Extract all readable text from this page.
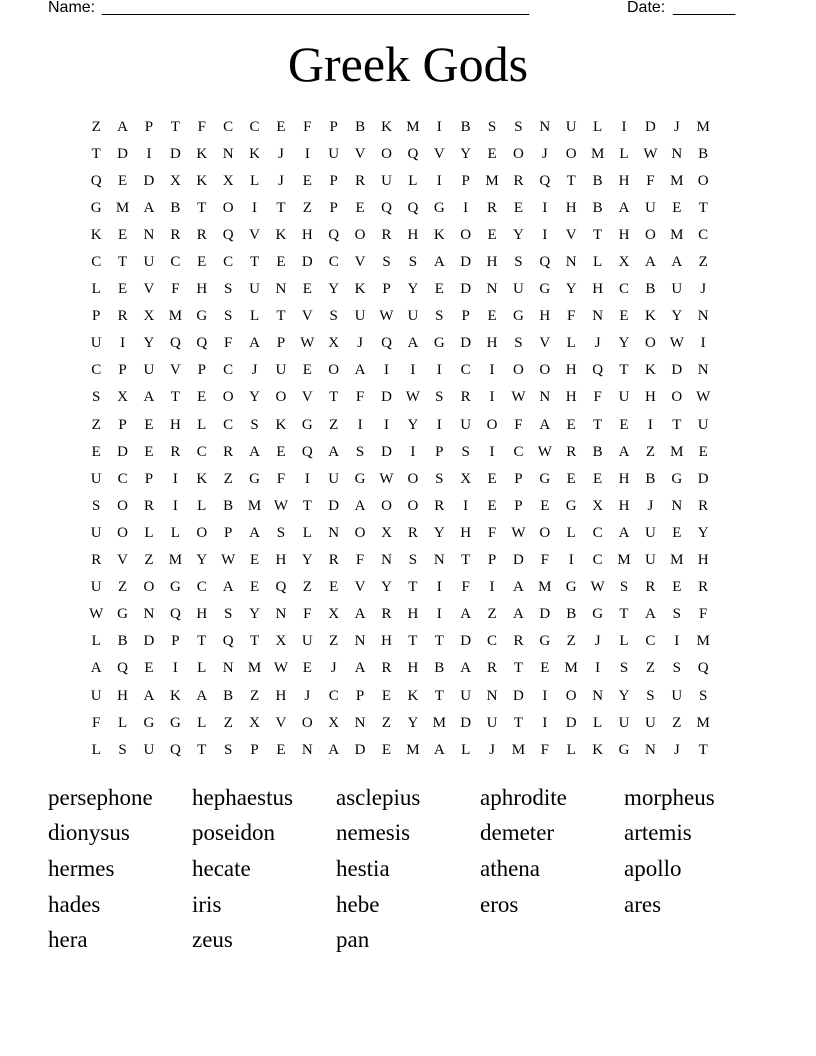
Name: ________________________________________________	Date: _______
Greek Gods
Z	A	P	T	F	C	C	E	F	P	B	K M	I	B	S	S	N	U	L	I	D	J	M
T	D	I	D	K	N	K	J	I	U	V	O	Q	V	Y	E	O	J	O M	L W N	B
Q	E	D	X	K	X	L	J	E	P	R	U	L	I	P	M R	Q	T	B	H	F	M O
G M A	B	T	O	I	T	Z	P	E	Q	Q	G	I	R	E	I	H	B	A	U	E	T
K	E	N	R	R	Q	V	K	H	Q	O	R	H	K	O	E	Y	I	V	T	H	O M C
C	T	U	C	E	C	T	E	D	C	V	S	S	A	D	H	S	Q	N	L	X	A	A	Z
L	E	V	F	H	S	U	N	E	Y	K	P	Y	E	D	N	U	G	Y	H	C	B	U	J
P	R	X M G	S	L	T	V	S	U W U	S	P	E	G	H	F	N	E	K	Y	N
U	I	Y	Q	Q	F	A	P	W X	J	Q	A	G	D	H	S	V	L	J	Y	O W	I
C	P	U	V	P	C	J	U	E	O	A	I	I	I	C	I	O	O	H	Q	T	K	D	N
S	X	A	T	E	O	Y	O	V	T	F	D W	S	R	I	W N	H	F	U	H	O W
Z	P	E	H	L	C	S	K	G	Z	I	I	Y	I	U	O	F	A	E	T	E	I	T	U
E	D	E	R	C	R	A	E	Q	A	S	D	I	P	S	I	C W R	B	A	Z	M	E
U	C	P	I	K	Z	G	F	I	U	G W O	S	X	E	P	G	E	E	H	B	G	D
S	O	R	I	L	B M W T	D	A	O	O	R	I	E	P	E	G	X	H	J	N	R
U	O	L	L	O	P	A	S	L	N	O	X	R	Y	H	F	W O	L	C	A	U	E	Y
R	V	Z	M Y W E	H	Y	R	F	N	S	N	T	P	D	F	I	C M U M H
U	Z	O	G	C	A	E	Q	Z	E	V	Y	T	I	F	I	A M G W	S	R	E	R
W G	N	Q	H	S	Y	N	F	X	A	R	H	I	A	Z	A	D	B	G	T	A	S	F
L	B	D	P	T	Q	T	X	U	Z	N	H	T	T	D	C	R	G	Z	J	L	C	I	M
A	Q	E	I	L	N M W E	J	A	R	H	B	A	R	T	E	M	I	S	Z	S	Q
U	H	A	K	A	B	Z	H	J	C	P	E	K	T	U	N	D	I	O	N	Y	S	U	S
F	L	G	G	L	Z	X	V	O	X	N	Z	Y M D	U	T	I	D	L	U	U	Z	M
L	S	U	Q	T	S	P	E	N	A	D	E	M A	L	J	M	F	L	K	G	N	J	T
persephone	hephaestus	asclepius	aphrodite	morpheus
dionysus	poseidon	nemesis	demeter	artemis
hermes	hecate	hestia	athena	apollo
hades	iris	hebe	eros	ares
hera	zeus	pan
